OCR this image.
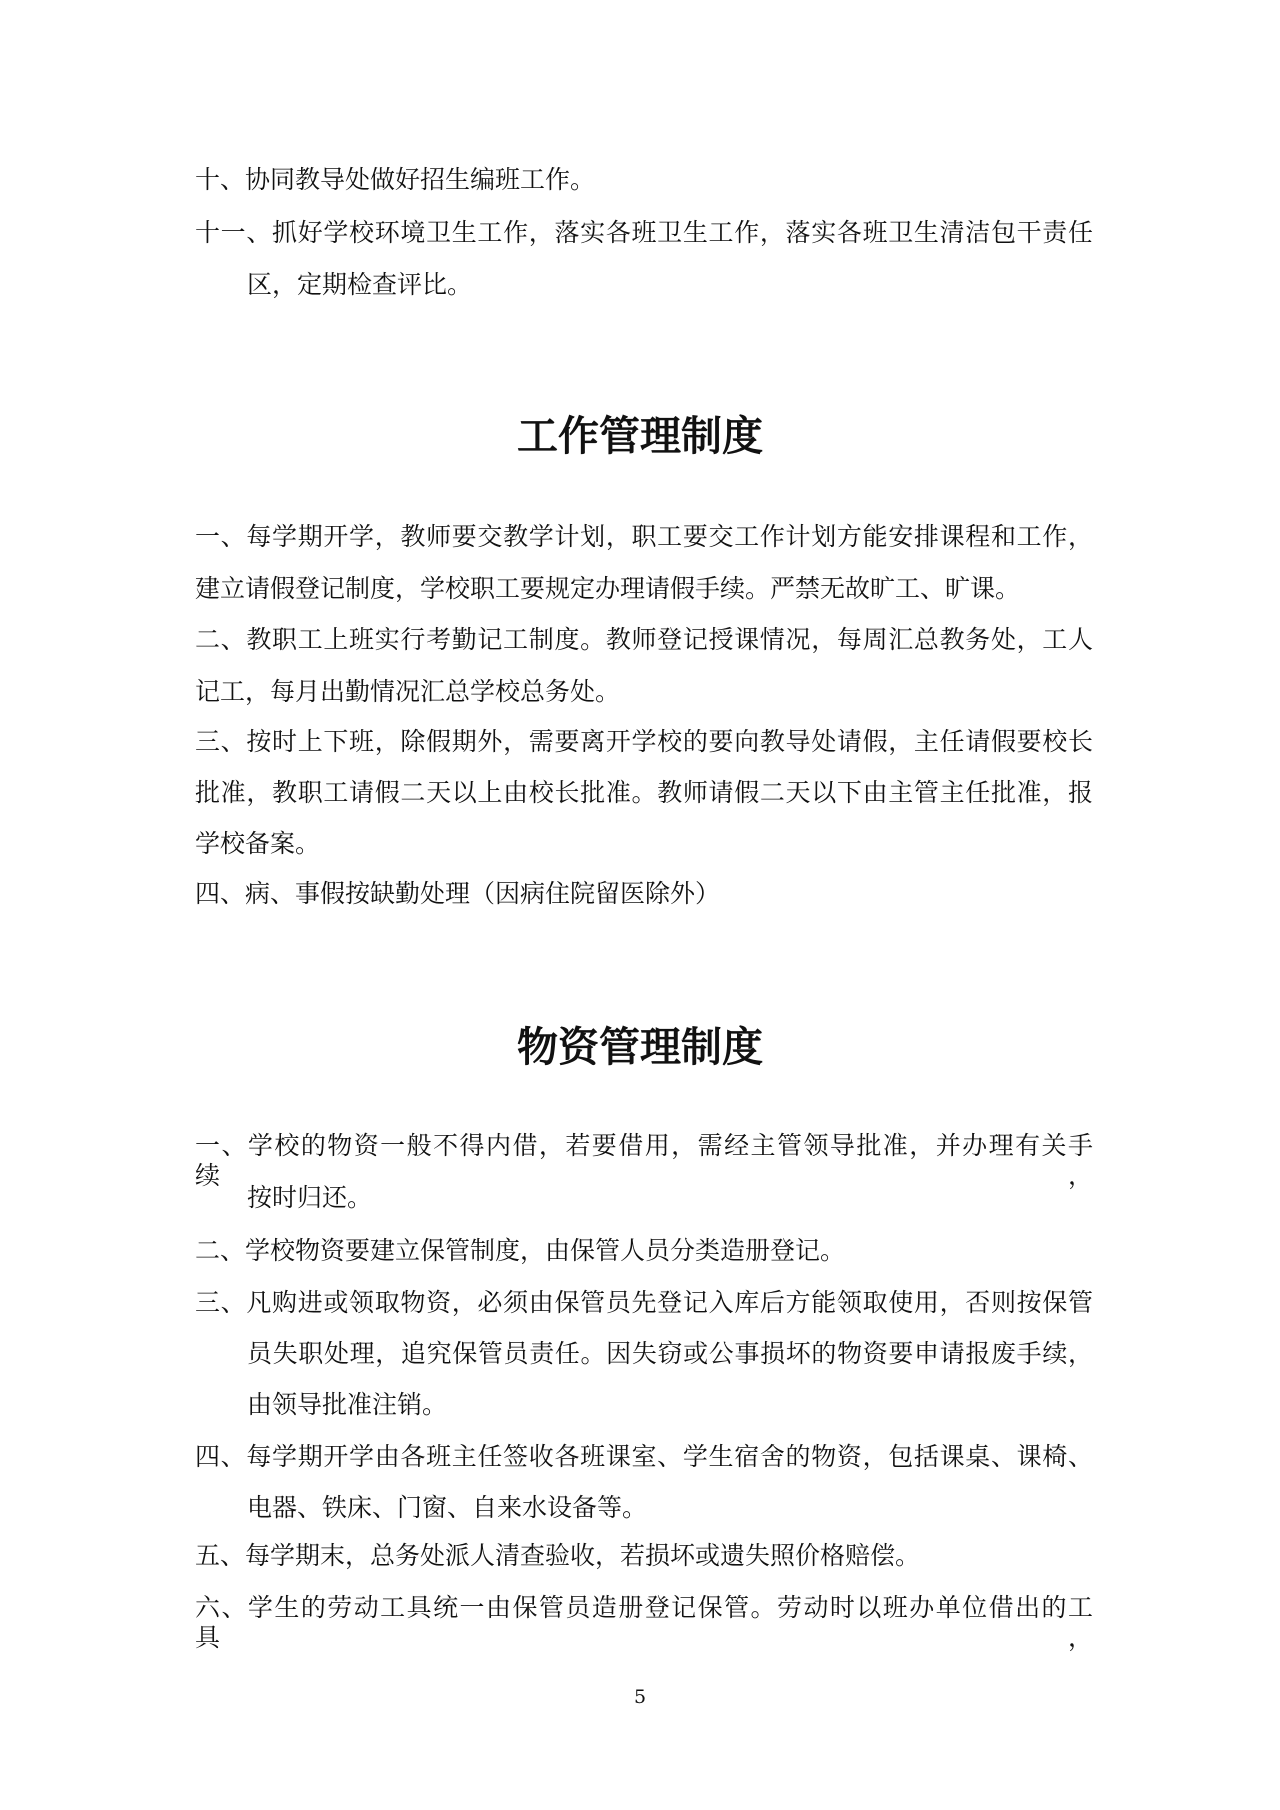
十、协同教导处做好招生编班工作。
十一、抓好学校环境卫生工作，落实各班卫生工作，落实各班卫生清洁包干责任
区，定期检查评比。
工作管理制度
一、每学期开学，教师要交教学计划，职工要交工作计划方能安排课程和工作，
建立请假登记制度，学校职工要规定办理请假手续。严禁无故旷工、旷课。
二、教职工上班实行考勤记工制度。教师登记授课情况，每周汇总教务处，工人
记工，每月出勤情况汇总学校总务处。
三、按时上下班，除假期外，需要离开学校的要向教导处请假，主任请假要校长
批准，教职工请假二天以上由校长批准。教师请假二天以下由主管主任批准，报
学校备案。
四、病、事假按缺勤处理（因病住院留医除外）
物资管理制度
一、学校的物资一般不得内借，若要借用，需经主管领导批准，并办理有关手续，
按时归还。
二、学校物资要建立保管制度，由保管人员分类造册登记。
三、凡购进或领取物资，必须由保管员先登记入库后方能领取使用，否则按保管
员失职处理，追究保管员责任。因失窃或公事损坏的物资要申请报废手续，
由领导批准注销。
四、每学期开学由各班主任签收各班课室、学生宿舍的物资，包括课桌、课椅、
电器、铁床、门窗、自来水设备等。
五、每学期末，总务处派人清查验收，若损坏或遗失照价格赔偿。
六、学生的劳动工具统一由保管员造册登记保管。劳动时以班办单位借出的工具，
5
